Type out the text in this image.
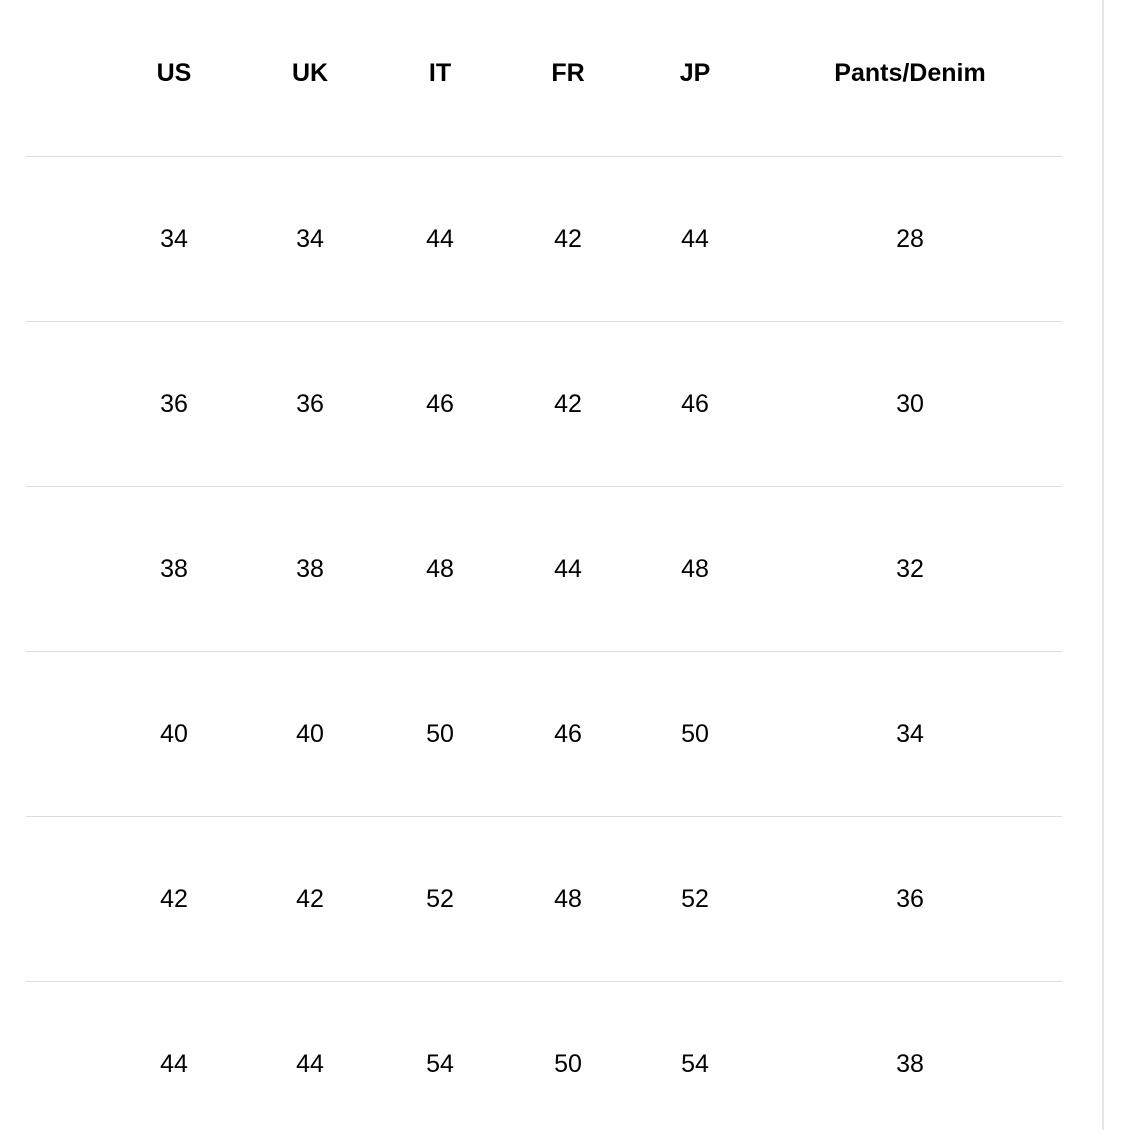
US	UK	IT	FR	JP	Pants/Denim
34	34	44	42	44	28
36	36	46	42	46	30
38	38	48	44	48	32
40	40	50	46	50	34
42	42	52	48	52	36
44	44	54	50	54	38
